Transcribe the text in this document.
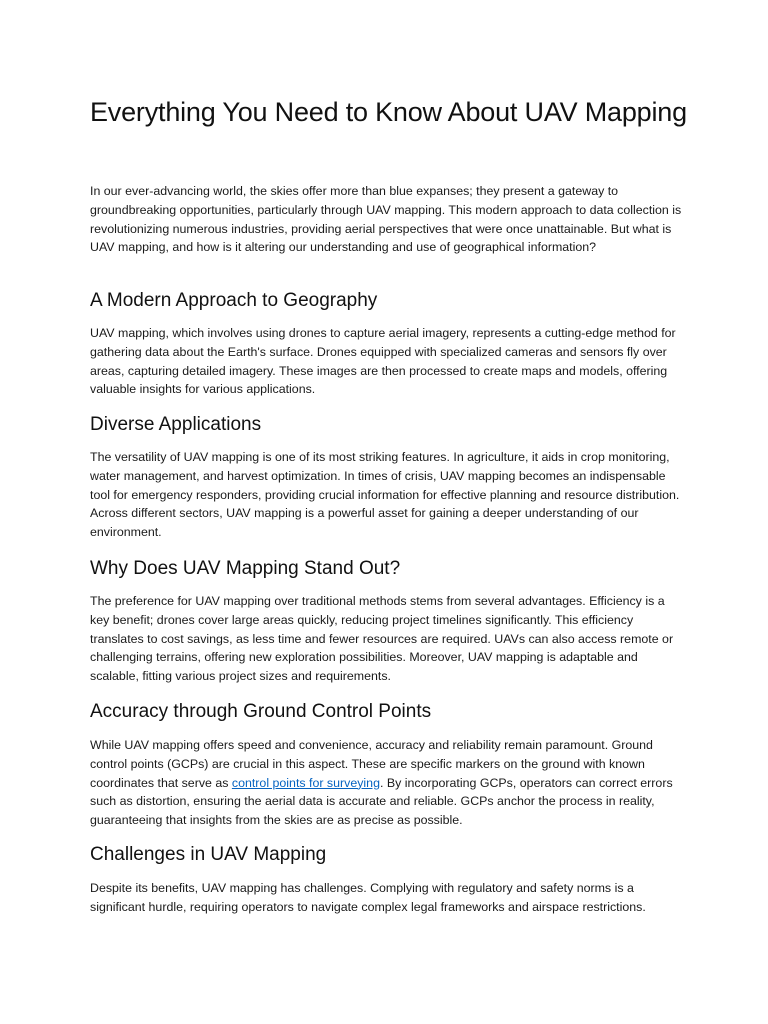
Everything You Need to Know About UAV Mapping

In our ever-advancing world, the skies offer more than blue expanses; they present a gateway to groundbreaking opportunities, particularly through UAV mapping. This modern approach to data collection is revolutionizing numerous industries, providing aerial perspectives that were once unattainable. But what is UAV mapping, and how is it altering our understanding and use of geographical information?

A Modern Approach to Geography

UAV mapping, which involves using drones to capture aerial imagery, represents a cutting-edge method for gathering data about the Earth's surface. Drones equipped with specialized cameras and sensors fly over areas, capturing detailed imagery. These images are then processed to create maps and models, offering valuable insights for various applications.

Diverse Applications

The versatility of UAV mapping is one of its most striking features. In agriculture, it aids in crop monitoring, water management, and harvest optimization. In times of crisis, UAV mapping becomes an indispensable tool for emergency responders, providing crucial information for effective planning and resource distribution. Across different sectors, UAV mapping is a powerful asset for gaining a deeper understanding of our environment.

Why Does UAV Mapping Stand Out?

The preference for UAV mapping over traditional methods stems from several advantages. Efficiency is a key benefit; drones cover large areas quickly, reducing project timelines significantly. This efficiency translates to cost savings, as less time and fewer resources are required. UAVs can also access remote or challenging terrains, offering new exploration possibilities. Moreover, UAV mapping is adaptable and scalable, fitting various project sizes and requirements.

Accuracy through Ground Control Points

While UAV mapping offers speed and convenience, accuracy and reliability remain paramount. Ground control points (GCPs) are crucial in this aspect. These are specific markers on the ground with known coordinates that serve as control points for surveying. By incorporating GCPs, operators can correct errors such as distortion, ensuring the aerial data is accurate and reliable. GCPs anchor the process in reality, guaranteeing that insights from the skies are as precise as possible.

Challenges in UAV Mapping

Despite its benefits, UAV mapping has challenges. Complying with regulatory and safety norms is a significant hurdle, requiring operators to navigate complex legal frameworks and airspace restrictions.
